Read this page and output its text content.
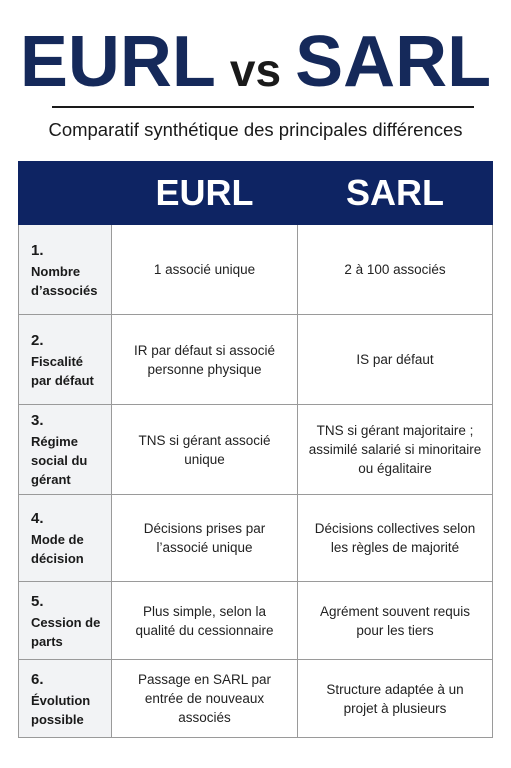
EURL vs SARL
Comparatif synthétique des principales différences
	EURL	SARL

1.
Nombre d’associés	1 associé unique	2 à 100 associés

2.
Fiscalité par défaut	IR par défaut si associé personne physique	IS par défaut

3.
Régime social du gérant	TNS si gérant associé unique	TNS si gérant majoritaire ; assimilé salarié si minoritaire ou égalitaire

4.
Mode de décision	Décisions prises par l’associé unique	Décisions collectives selon les règles de majorité

5.
Cession de parts	Plus simple, selon la qualité du cessionnaire	Agrément souvent requis pour les tiers

6.
Évolution possible	Passage en SARL par entrée de nouveaux associés	Structure adaptée à un projet à plusieurs
